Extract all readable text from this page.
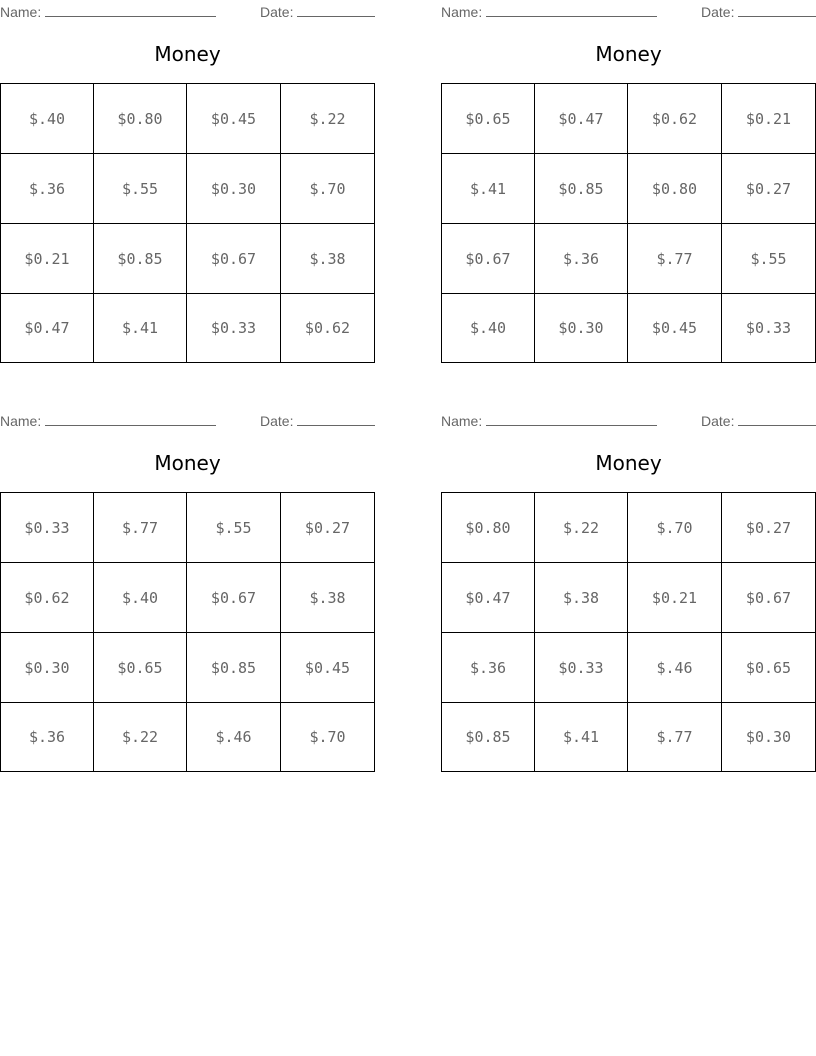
Name:	Date:
Money
$.40	$0.80	$0.45	$.22
$.36	$.55	$0.30	$.70
$0.21	$0.85	$0.67	$.38
$0.47	$.41	$0.33	$0.62
Name:	Date:
Money
$0.65	$0.47	$0.62	$0.21
$.41	$0.85	$0.80	$0.27
$0.67	$.36	$.77	$.55
$.40	$0.30	$0.45	$0.33
Name:	Date:
Money
$0.33	$.77	$.55	$0.27
$0.62	$.40	$0.67	$.38
$0.30	$0.65	$0.85	$0.45
$.36	$.22	$.46	$.70
Name:	Date:
Money
$0.80	$.22	$.70	$0.27
$0.47	$.38	$0.21	$0.67
$.36	$0.33	$.46	$0.65
$0.85	$.41	$.77	$0.30
